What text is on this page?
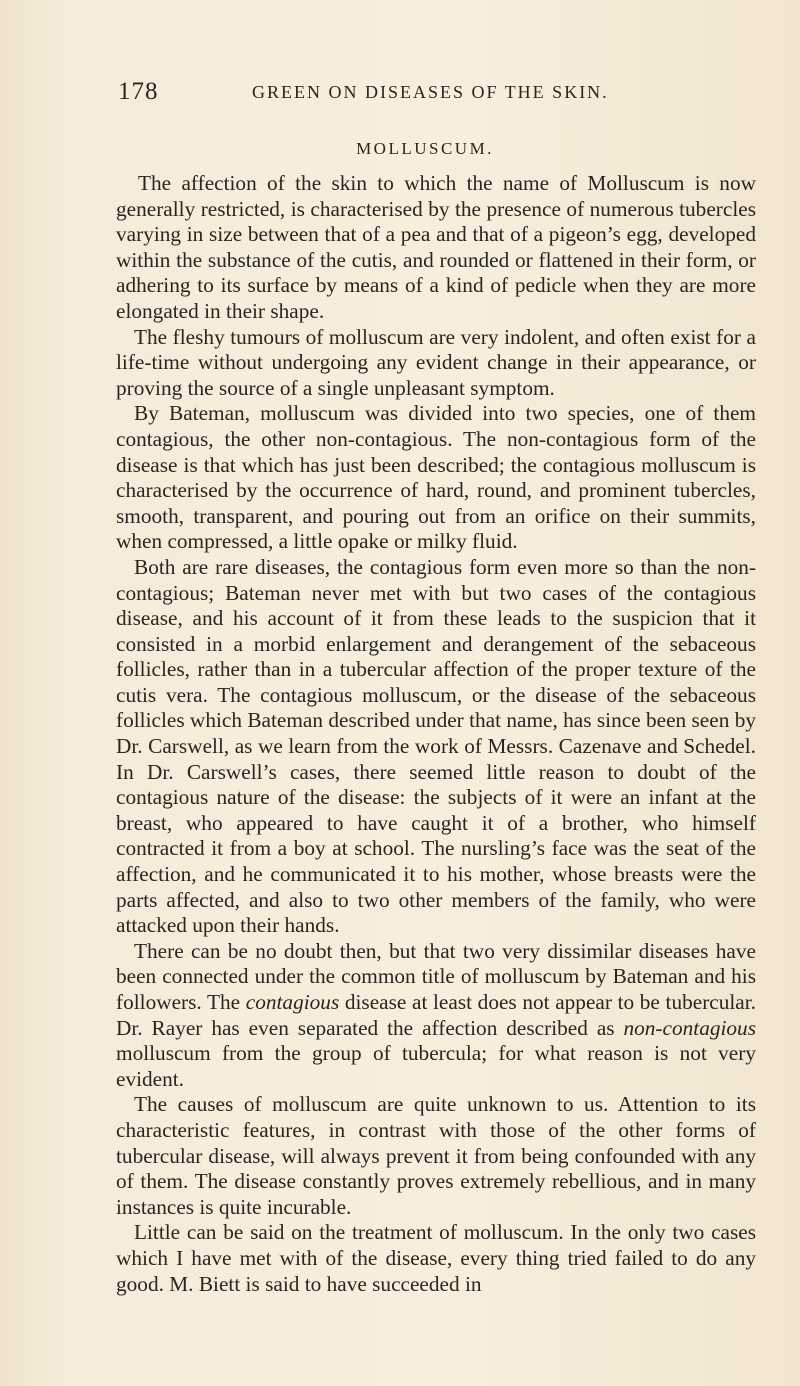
178	GREEN ON DISEASES OF THE SKIN.
MOLLUSCUM.

The affection of the skin to which the name of Molluscum is now generally restricted, is characterised by the presence of numerous tubercles varying in size between that of a pea and that of a pigeon’s egg, developed within the substance of the cutis, and rounded or flattened in their form, or adhering to its surface by means of a kind of pedicle when they are more elongated in their shape.

The fleshy tumours of molluscum are very indolent, and often exist for a life-time without undergoing any evident change in their appearance, or proving the source of a single unpleasant symptom.

By Bateman, molluscum was divided into two species, one of them contagious, the other non-contagious. The non-contagious form of the disease is that which has just been described; the contagious molluscum is characterised by the occurrence of hard, round, and prominent tubercles, smooth, transparent, and pouring out from an orifice on their summits, when compressed, a little opake or milky fluid.

Both are rare diseases, the contagious form even more so than the non-contagious; Bateman never met with but two cases of the contagious disease, and his account of it from these leads to the suspicion that it consisted in a morbid enlargement and derangement of the sebaceous follicles, rather than in a tubercular affection of the proper texture of the cutis vera. The contagious molluscum, or the disease of the sebaceous follicles which Bateman described under that name, has since been seen by Dr. Carswell, as we learn from the work of Messrs. Cazenave and Schedel. In Dr. Carswell’s cases, there seemed little reason to doubt of the contagious nature of the disease: the subjects of it were an infant at the breast, who appeared to have caught it of a brother, who himself contracted it from a boy at school. The nursling’s face was the seat of the affection, and he communicated it to his mother, whose breasts were the parts affected, and also to two other members of the family, who were attacked upon their hands.

There can be no doubt then, but that two very dissimilar diseases have been connected under the common title of molluscum by Bateman and his followers. The contagious disease at least does not appear to be tubercular. Dr. Rayer has even separated the affection described as non-contagious molluscum from the group of tubercula; for what reason is not very evident.

The causes of molluscum are quite unknown to us. Attention to its characteristic features, in contrast with those of the other forms of tubercular disease, will always prevent it from being confounded with any of them. The disease constantly proves extremely rebellious, and in many instances is quite incurable.

Little can be said on the treatment of molluscum. In the only two cases which I have met with of the disease, every thing tried failed to do any good. M. Biett is said to have succeeded in
